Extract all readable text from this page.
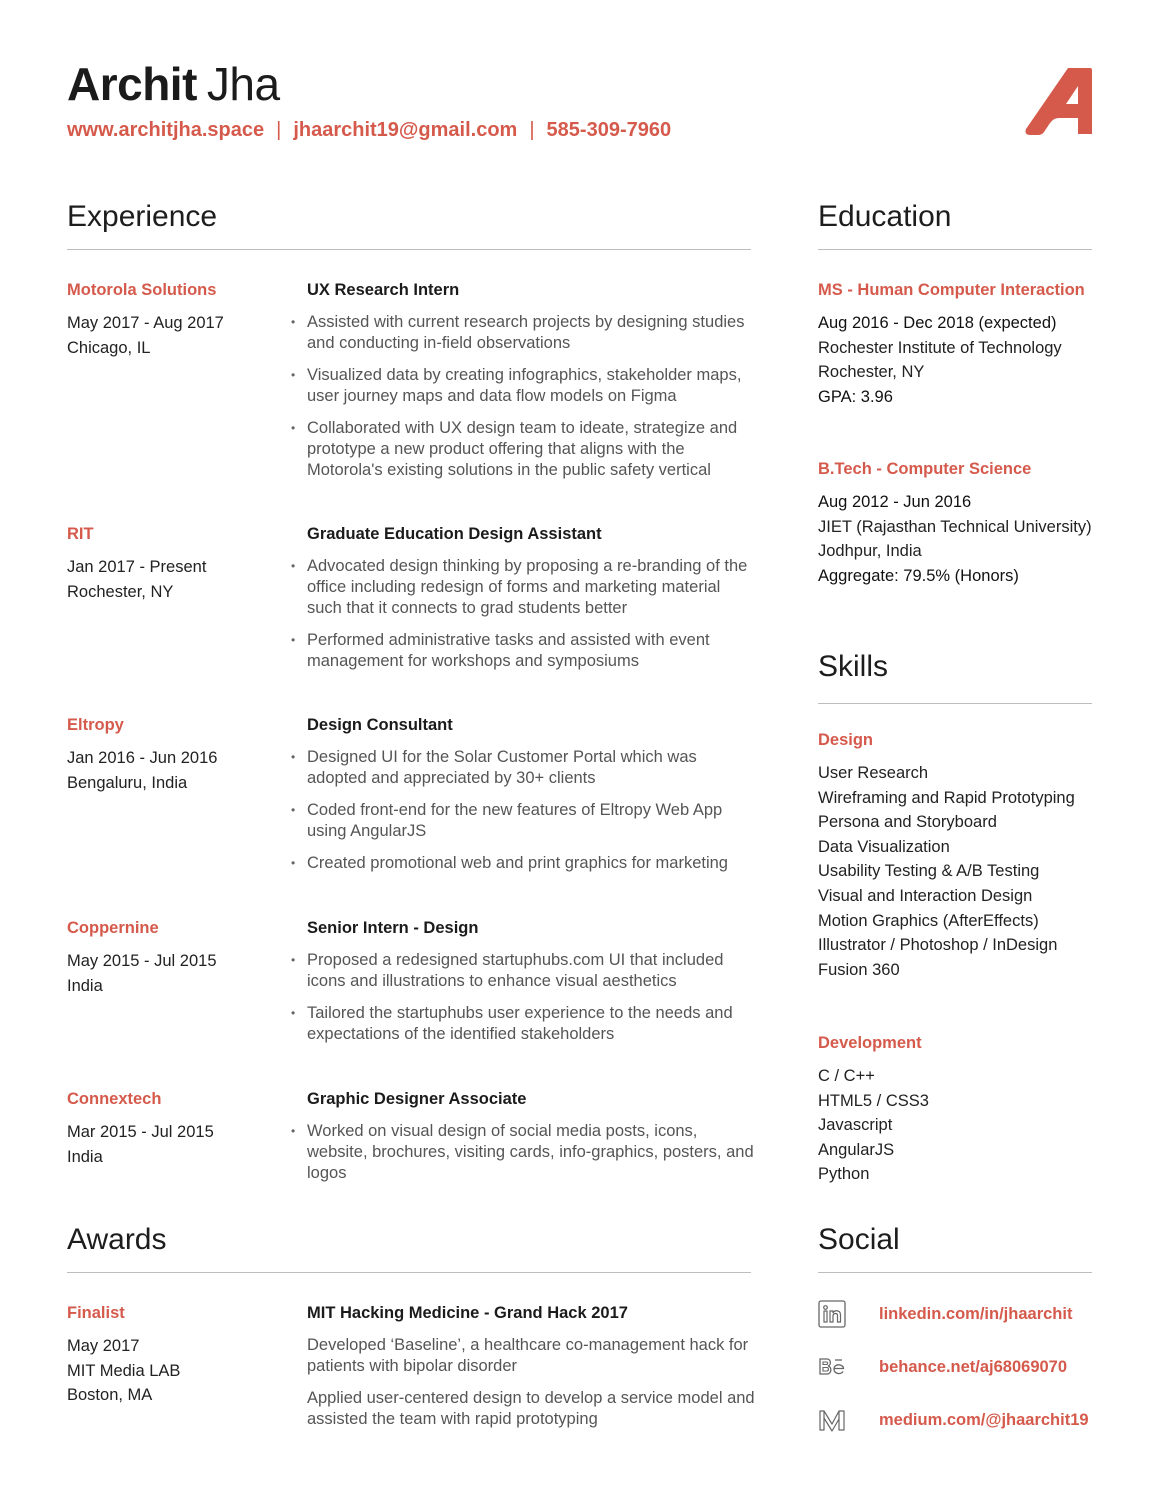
Archit Jha
www.architjha.space | jhaarchit19@gmail.com | 585-309-7960
Experience
Motorola Solutions
May 2017 - Aug 2017
Chicago, IL
UX Research Intern
• Assisted with current research projects by designing studies and conducting in-field observations
• Visualized data by creating infographics, stakeholder maps, user journey maps and data flow models on Figma
• Collaborated with UX design team to ideate, strategize and prototype a new product offering that aligns with the Motorola's existing solutions in the public safety vertical
RIT
Jan 2017 - Present
Rochester, NY
Graduate Education Design Assistant
• Advocated design thinking by proposing a re-branding of the office including redesign of forms and marketing material such that it connects to grad students better
• Performed administrative tasks and assisted with event management for workshops and symposiums
Eltropy
Jan 2016 - Jun 2016
Bengaluru, India
Design Consultant
• Designed UI for the Solar Customer Portal which was adopted and appreciated by 30+ clients
• Coded front-end for the new features of Eltropy Web App using AngularJS
• Created promotional web and print graphics for marketing
Coppernine
May 2015 - Jul 2015
India
Senior Intern - Design
• Proposed a redesigned startuphubs.com UI that included icons and illustrations to enhance visual aesthetics
• Tailored the startuphubs user experience to the needs and expectations of the identified stakeholders
Connextech
Mar 2015 - Jul 2015
India
Graphic Designer Associate
• Worked on visual design of social media posts, icons, website, brochures, visiting cards, info-graphics, posters, and logos
Awards
Finalist
May 2017
MIT Media LAB
Boston, MA
MIT Hacking Medicine - Grand Hack 2017

Developed ‘Baseline’, a healthcare co-management hack for patients with bipolar disorder

Applied user-centered design to develop a service model and assisted the team with rapid prototyping

Education
MS - Human Computer Interaction
Aug 2016 - Dec 2018 (expected)
Rochester Institute of Technology
Rochester, NY
GPA: 3.96
B.Tech - Computer Science
Aug 2012 - Jun 2016
JIET (Rajasthan Technical University)
Jodhpur, India
Aggregate: 79.5% (Honors)
Skills
Design
User Research
Wireframing and Rapid Prototyping
Persona and Storyboard
Data Visualization
Usability Testing & A/B Testing
Visual and Interaction Design
Motion Graphics (AfterEffects)
Illustrator / Photoshop / InDesign
Fusion 360
Development
C / C++
HTML5 / CSS3
Javascript
AngularJS
Python
Social
linkedin.com/in/jhaarchit
behance.net/aj68069070
medium.com/@jhaarchit19
